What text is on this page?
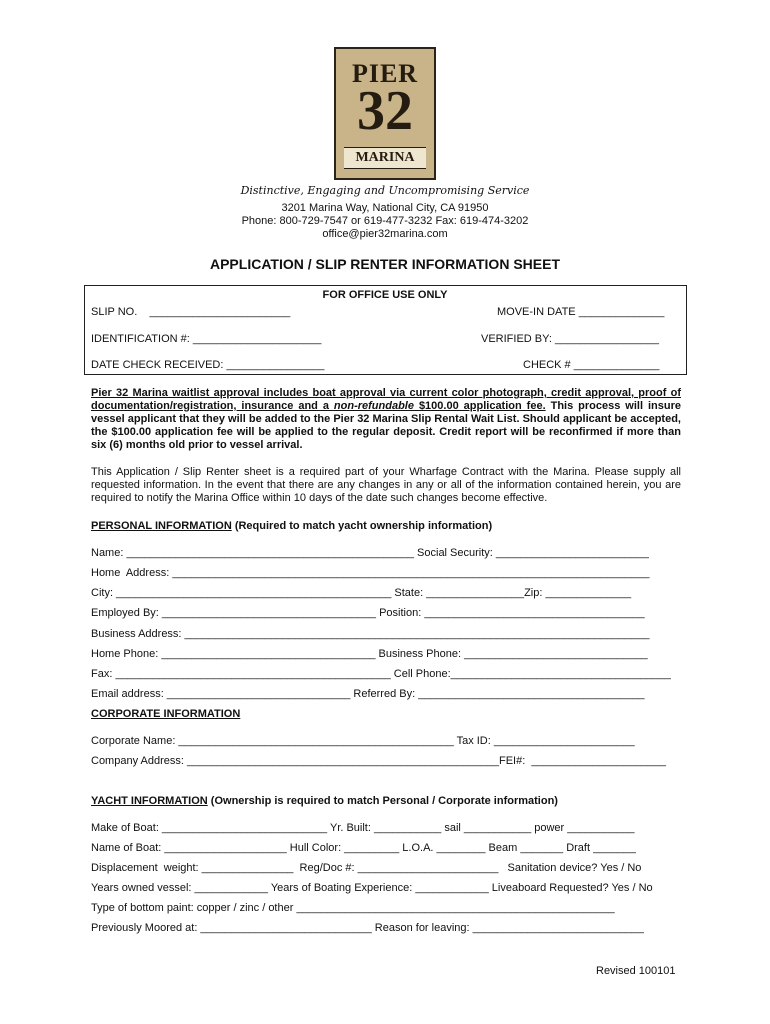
PIER
32
MARINA
Distinctive, Engaging and Uncompromising Service
3201 Marina Way, National City, CA 91950
Phone: 800-729-7547 or 619-477-3232 Fax: 619-474-3202
office@pier32marina.com
APPLICATION / SLIP RENTER INFORMATION SHEET
FOR OFFICE USE ONLY
SLIP NO.    _______________________	MOVE-IN DATE ______________
IDENTIFICATION #: _____________________	VERIFIED BY: _________________
DATE CHECK RECEIVED: ________________	CHECK # ______________
Pier 32 Marina waitlist approval includes boat approval via current color photograph, credit approval, proof of documentation/registration, insurance and a non-refundable $100.00 application fee. This process will insure vessel applicant that they will be added to the Pier 32 Marina Slip Rental Wait List. Should applicant be accepted, the $100.00 application fee will be applied to the regular deposit. Credit report will be reconfirmed if more than six (6) months old prior to vessel arrival.
This Application / Slip Renter sheet is a required part of your Wharfage Contract with the Marina. Please supply all requested information. In the event that there are any changes in any or all of the information contained herein, you are required to notify the Marina Office within 10 days of the date such changes become effective.
PERSONAL INFORMATION (Required to match yacht ownership information)
Name: _______________________________________________ Social Security: _________________________
Home  Address: ______________________________________________________________________________
City: _____________________________________________ State: ________________Zip: ______________
Employed By: ___________________________________ Position: ____________________________________
Business Address: ____________________________________________________________________________
Home Phone: ___________________________________ Business Phone: ______________________________
Fax: _____________________________________________ Cell Phone:____________________________________
Email address: ______________________________ Referred By: _____________________________________
CORPORATE INFORMATION
Corporate Name: _____________________________________________ Tax ID: _______________________
Company Address: ___________________________________________________FEI#:  ______________________
YACHT INFORMATION (Ownership is required to match Personal / Corporate information)
Make of Boat: ___________________________ Yr. Built: ___________ sail ___________ power ___________
Name of Boat: ____________________ Hull Color: _________ L.O.A. ________ Beam _______ Draft _______
Displacement  weight: _______________  Reg/Doc #: _______________________   Sanitation device? Yes / No
Years owned vessel: ____________ Years of Boating Experience: ____________ Liveaboard Requested? Yes / No
Type of bottom paint: copper / zinc / other ____________________________________________________
Previously Moored at: ____________________________ Reason for leaving: ____________________________
Revised 100101
